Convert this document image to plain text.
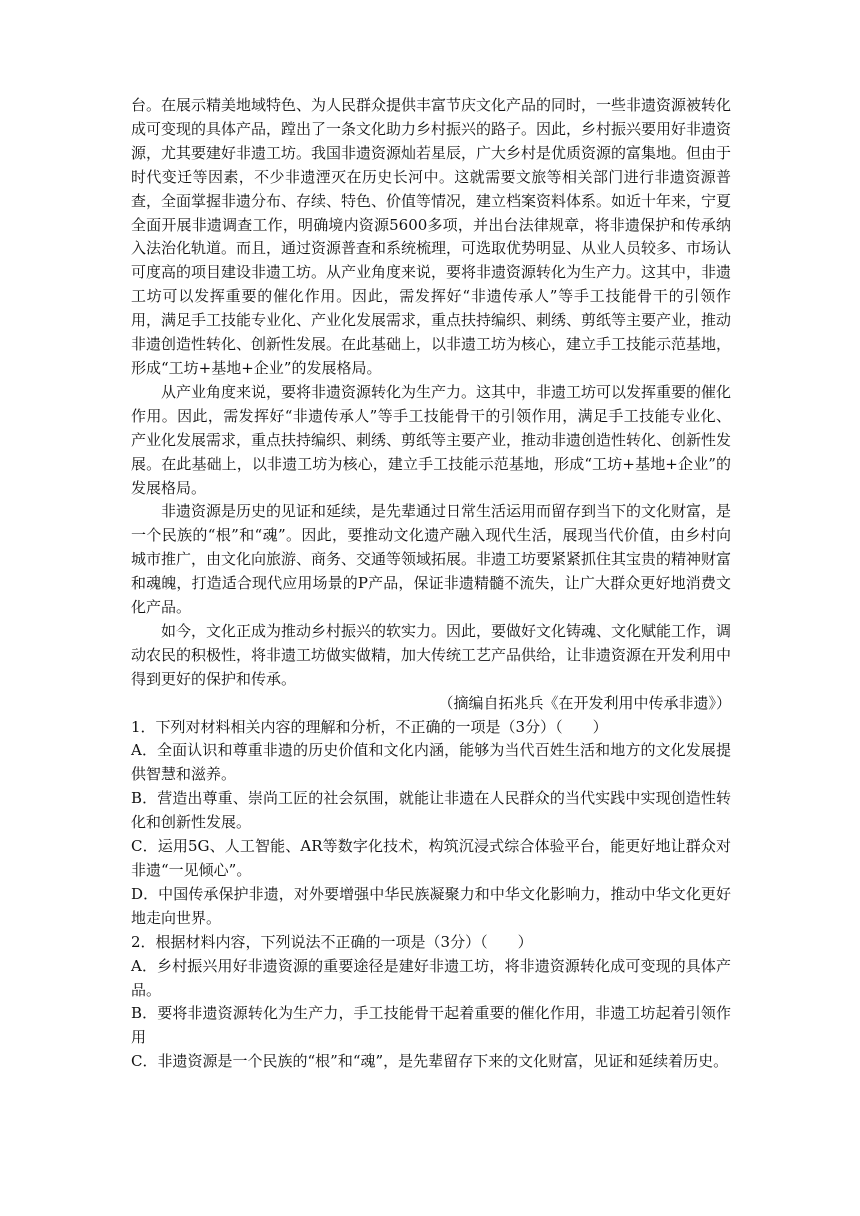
台。在展示精美地域特色、为人民群众提供丰富节庆文化产品的同时，一些非遗资源被转化成可变现的具体产品，蹚出了一条文化助力乡村振兴的路子。因此，乡村振兴要用好非遗资源，尤其要建好非遗工坊。我国非遗资源灿若星辰，广大乡村是优质资源的富集地。但由于时代变迁等因素，不少非遗湮灭在历史长河中。这就需要文旅等相关部门进行非遗资源普查，全面掌握非遗分布、存续、特色、价值等情况，建立档案资料体系。如近十年来，宁夏全面开展非遗调查工作，明确境内资源5600多项，并出台法律规章，将非遗保护和传承纳入法治化轨道。而且，通过资源普查和系统梳理，可选取优势明显、从业人员较多、市场认可度高的项目建设非遗工坊。从产业角度来说，要将非遗资源转化为生产力。这其中，非遗工坊可以发挥重要的催化作用。因此，需发挥好“非遗传承人”等手工技能骨干的引领作用，满足手工技能专业化、产业化发展需求，重点扶持编织、刺绣、剪纸等主要产业，推动非遗创造性转化、创新性发展。在此基础上，以非遗工坊为核心，建立手工技能示范基地，形成“工坊+基地+企业”的发展格局。

从产业角度来说，要将非遗资源转化为生产力。这其中，非遗工坊可以发挥重要的催化作用。因此，需发挥好“非遗传承人”等手工技能骨干的引领作用，满足手工技能专业化、产业化发展需求，重点扶持编织、刺绣、剪纸等主要产业，推动非遗创造性转化、创新性发展。在此基础上，以非遗工坊为核心，建立手工技能示范基地，形成“工坊+基地+企业”的发展格局。

非遗资源是历史的见证和延续，是先辈通过日常生活运用而留存到当下的文化财富，是一个民族的“根”和“魂”。因此，要推动文化遗产融入现代生活，展现当代价值，由乡村向城市推广，由文化向旅游、商务、交通等领域拓展。非遗工坊要紧紧抓住其宝贵的精神财富和魂魄，打造适合现代应用场景的P产品，保证非遗精髓不流失，让广大群众更好地消费文化产品。

如今，文化正成为推动乡村振兴的软实力。因此，要做好文化铸魂、文化赋能工作，调动农民的积极性，将非遗工坊做实做精，加大传统工艺产品供给，让非遗资源在开发利用中得到更好的保护和传承。

（摘编自拓兆兵《在开发利用中传承非遗》）

1．下列对材料相关内容的理解和分析，不正确的一项是（3分）（　　）

A．全面认识和尊重非遗的历史价值和文化内涵，能够为当代百姓生活和地方的文化发展提供智慧和滋养。

B．营造出尊重、崇尚工匠的社会氛围，就能让非遗在人民群众的当代实践中实现创造性转化和创新性发展。

C．运用5G、人工智能、AR等数字化技术，构筑沉浸式综合体验平台，能更好地让群众对非遗“一见倾心”。

D．中国传承保护非遗，对外要增强中华民族凝聚力和中华文化影响力，推动中华文化更好地走向世界。

2．根据材料内容，下列说法不正确的一项是（3分）（　　）

A．乡村振兴用好非遗资源的重要途径是建好非遗工坊，将非遗资源转化成可变现的具体产品。

B．要将非遗资源转化为生产力，手工技能骨干起着重要的催化作用，非遗工坊起着引领作用

C．非遗资源是一个民族的“根”和“魂”，是先辈留存下来的文化财富，见证和延续着历史。
